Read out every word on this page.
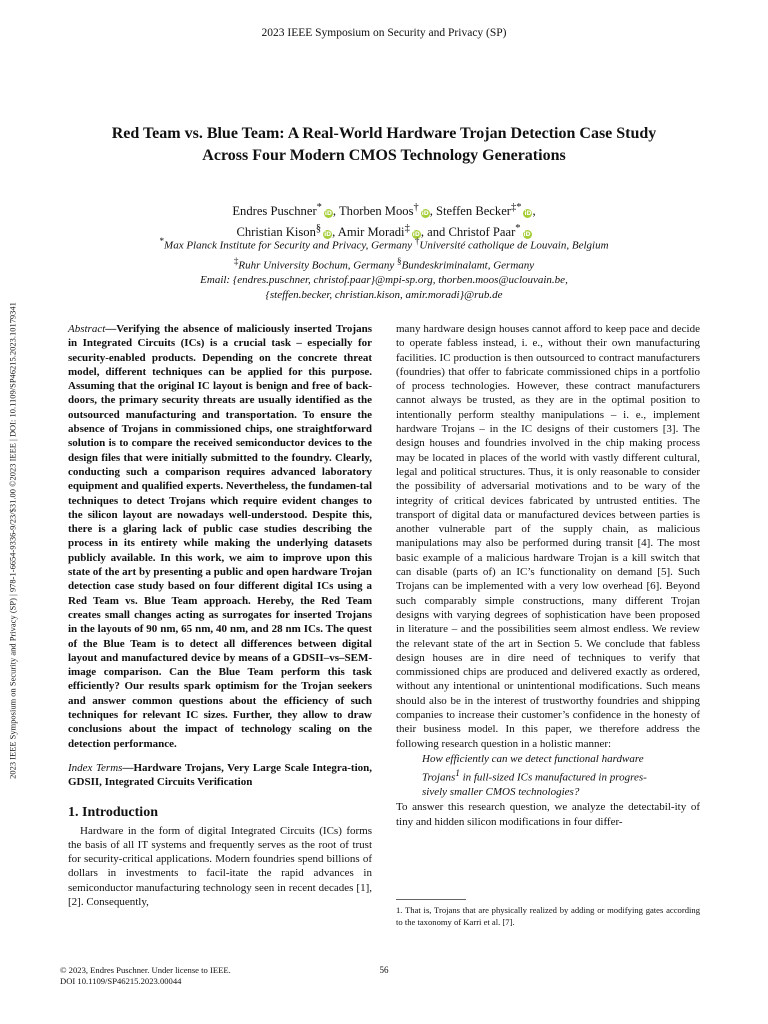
2023 IEEE Symposium on Security and Privacy (SP)
2023 IEEE Symposium on Security and Privacy (SP) | 978-1-6654-9336-9/23/$31.00 ©2023 IEEE | DOI: 10.1109/SP46215.2023.10179341
Red Team vs. Blue Team: A Real-World Hardware Trojan Detection Case Study
Across Four Modern CMOS Technology Generations
Endres Puschner*iD, Thorben Moos†iD, Steffen Becker‡*iD,
Christian Kison§iD, Amir Moradi‡iD, and Christof Paar*iD
*Max Planck Institute for Security and Privacy, Germany †Université catholique de Louvain, Belgium
‡Ruhr University Bochum, Germany §Bundeskriminalamt, Germany
Email: {endres.puschner, christof.paar}@mpi-sp.org, thorben.moos@uclouvain.be,
{steffen.becker, christian.kison, amir.moradi}@rub.de
Abstract—Verifying the absence of maliciously inserted Trojans in Integrated Circuits (ICs) is a crucial task – especially for security-enabled products. Depending on the concrete threat model, different techniques can be applied for this purpose. Assuming that the original IC layout is benign and free of back-doors, the primary security threats are usually identified as the outsourced manufacturing and transportation. To ensure the absence of Trojans in commissioned chips, one straightforward solution is to compare the received semiconductor devices to the design files that were initially submitted to the foundry. Clearly, conducting such a comparison requires advanced laboratory equipment and qualified experts. Nevertheless, the fundamen-tal techniques to detect Trojans which require evident changes to the silicon layout are nowadays well-understood. Despite this, there is a glaring lack of public case studies describing the process in its entirety while making the underlying datasets publicly available. In this work, we aim to improve upon this state of the art by presenting a public and open hardware Trojan detection case study based on four different digital ICs using a Red Team vs. Blue Team approach. Hereby, the Red Team creates small changes acting as surrogates for inserted Trojans in the layouts of 90 nm, 65 nm, 40 nm, and 28 nm ICs. The quest of the Blue Team is to detect all differences between digital layout and manufactured device by means of a GDSII–vs–SEM-image comparison. Can the Blue Team perform this task efficiently? Our results spark optimism for the Trojan seekers and answer common questions about the efficiency of such techniques for relevant IC sizes. Further, they allow to draw conclusions about the impact of technology scaling on the detection performance.
Index Terms—Hardware Trojans, Very Large Scale Integra-tion, GDSII, Integrated Circuits Verification
1. Introduction

Hardware in the form of digital Integrated Circuits (ICs) forms the basis of all IT systems and frequently serves as the root of trust for security-critical applications. Modern foundries spend billions of dollars in investments to facil-itate the rapid advances in semiconductor manufacturing technology seen in recent decades [1], [2]. Consequently,

many hardware design houses cannot afford to keep pace and decide to operate fabless instead, i. e., without their own manufacturing facilities. IC production is then outsourced to contract manufacturers (foundries) that offer to fabricate commissioned chips in a portfolio of process technologies. However, these contract manufacturers cannot always be trusted, as they are in the optimal position to intentionally perform stealthy manipulations – i. e., implement hardware Trojans – in the IC designs of their customers [3]. The design houses and foundries involved in the chip making process may be located in places of the world with vastly different cultural, legal and political structures. Thus, it is only reasonable to consider the possibility of adversarial motivations and to be wary of the integrity of critical devices fabricated by untrusted entities. The transport of digital data or manufactured devices between parties is another vulnerable part of the supply chain, as malicious manipulations may also be performed during transit [4]. The most basic example of a malicious hardware Trojan is a kill switch that can disable (parts of) an IC’s functionality on demand [5]. Such Trojans can be implemented with a very low overhead [6]. Beyond such comparably simple constructions, many different Trojan designs with varying degrees of sophistication have been proposed in literature – and the possibilities seem almost endless. We review the relevant state of the art in Section 5. We conclude that fabless design houses are in dire need of techniques to verify that commissioned chips are produced and delivered exactly as ordered, without any intentional or unintentional modifications. Such means should also be in the interest of trustworthy foundries and shipping companies to increase their customer’s confidence in the honesty of their business model. In this paper, we therefore address the following research question in a holistic manner:

How efficiently can we detect functional hardware
Trojans$^1$ in full-sized ICs manufactured in progres-
sively smaller CMOS technologies?

To answer this research question, we analyze the detectabil-ity of tiny and hidden silicon modifications in four differ-

1. That is, Trojans that are physically realized by adding or modifying gates according to the taxonomy of Karri et al. [7].
© 2023, Endres Puschner. Under license to IEEE.
DOI 10.1109/SP46215.2023.00044
56
